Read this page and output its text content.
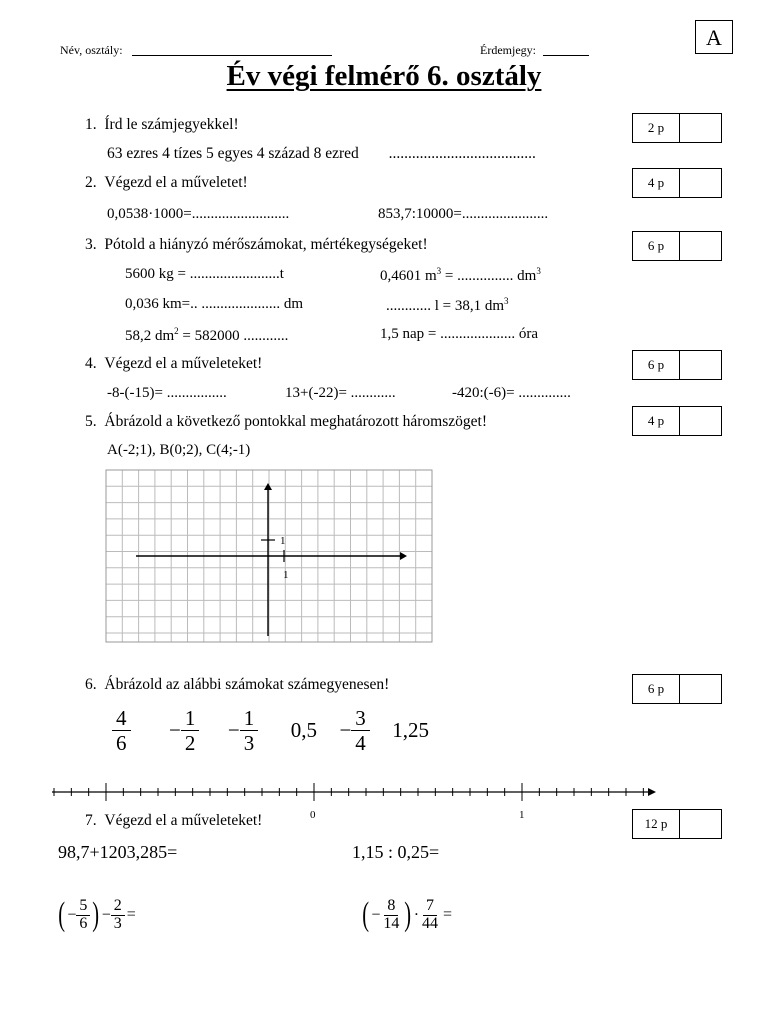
Név, osztály:	Érdemjegy:	A
Év végi felmérő 6. osztály
1. Írd le számjegyekkel!	2 p
63 ezres 4 tízes 5 egyes 4 század 8 ezred ......................................
2. Végezd el a műveletet!	4 p
0,0538·1000=..........................	853,7:10000=.......................
3. Pótold a hiányzó mérőszámokat, mértékegységeket!	6 p
5600 kg = ........................t	0,4601 $m^3$ = ............... $dm^3$
0,036 km=.. ..................... dm	............ l = 38,1 $dm^3$
58,2 $dm^2 = 582000$ ............	1,5 nap = .................... óra
4. Végezd el a műveleteket!	6 p
-8-(-15)= ................	13+(-22)= ............	-420:(-6)= ..............
5. Ábrázold a következő pontokkal meghatározott háromszöget!	4 p
A(-2;1), B(0;2), C(4;-1)
1
1
6. Ábrázold az alábbi számokat számegyenesen!	6 p
$\frac{4}{6} - \frac{1}{2} - \frac{1}{3} 0,5 - \frac{3}{4} 1,25$
0	1
7. Végezd el a műveleteket!	12 p
98,7+1203,285=	1,15 : 0,25=
( − $\frac{5}{6}$ ) − $\frac{2}{3}$ =	( − $\frac{8}{14}$ ) · $\frac{7}{44}$ =
